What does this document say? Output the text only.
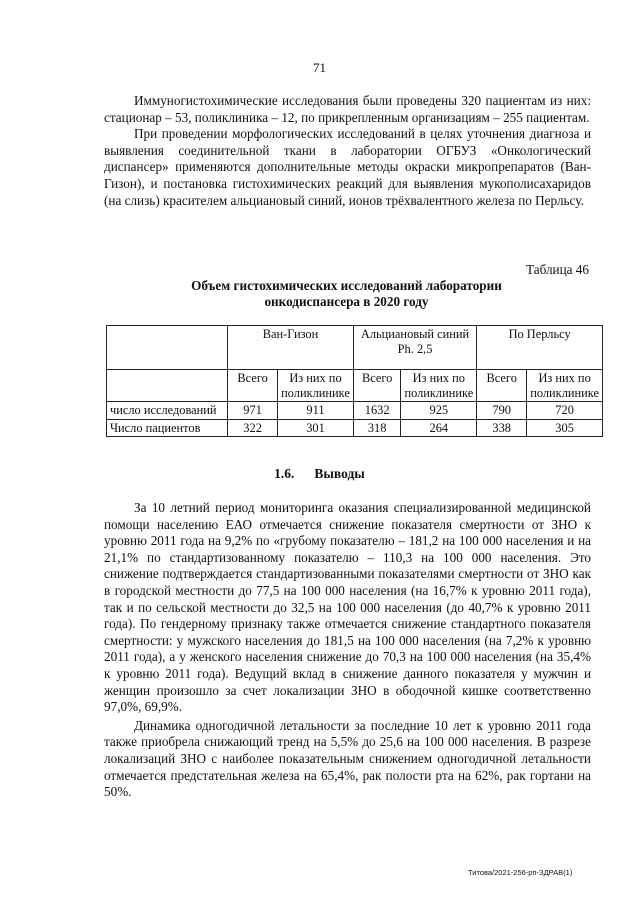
71

Иммуногистохимические исследования были проведены 320 пациентам из них: стационар – 53, поликлиника – 12, по прикрепленным организациям – 255 пациентам.

При проведении морфологических исследований в целях уточнения диагноза и выявления соединительной ткани в лаборатории ОГБУЗ «Онкологический диспансер» применяются дополнительные методы окраски микропрепаратов (Ван-Гизон), и постановка гистохимических реакций для выявления мукополисахаридов (на слизь) красителем альциановый синий, ионов трёхвалентного железа по Перльсу.

Таблица 46
Объем гистохимических исследований лаборатории
онкодиспансера в 2020 году
	Ван-Гизон		Альциановый синий Ph. 2,5		По Перльсу	
	Всего	Из них по поликлинике	Всего	Из них по поликлинике	Всего	Из них по поликлинике
число исследований	971	911	1632	925	790	720
Число пациентов	322	301	318	264	338	305
1.6. Выводы

За 10 летний период мониторинга оказания специализированной медицинской помощи населению ЕАО отмечается снижение показателя смертности от ЗНО к уровню 2011 года на 9,2% по «грубому показателю – 181,2 на 100 000 населения и на 21,1% по стандартизованному показателю – 110,3 на 100 000 населения. Это снижение подтверждается стандартизованными показателями смертности от ЗНО как в городской местности до 77,5 на 100 000 населения (на 16,7% к уровню 2011 года), так и по сельской местности до 32,5 на 100 000 населения (до 40,7% к уровню 2011 года). По гендерному признаку также отмечается снижение стандартного показателя смертности: у мужского населения до 181,5 на 100 000 населения (на 7,2% к уровню 2011 года), а у женского населения снижение до 70,3 на 100 000 населения (на 35,4% к уровню 2011 года). Ведущий вклад в снижение данного показателя у мужчин и женщин произошло за счет локализации ЗНО в ободочной кишке соответственно 97,0%, 69,9%.

Динамика одногодичной летальности за последние 10 лет к уровню 2011 года также приобрела снижающий тренд на 5,5% до 25,6 на 100 000 населения. В разрезе локализаций ЗНО с наиболее показательным снижением одногодичной летальности отмечается предстательная железа на 65,4%, рак полости рта на 62%, рак гортани на 50%.

Титова/2021-256-рп-ЗДРАВ(1)
